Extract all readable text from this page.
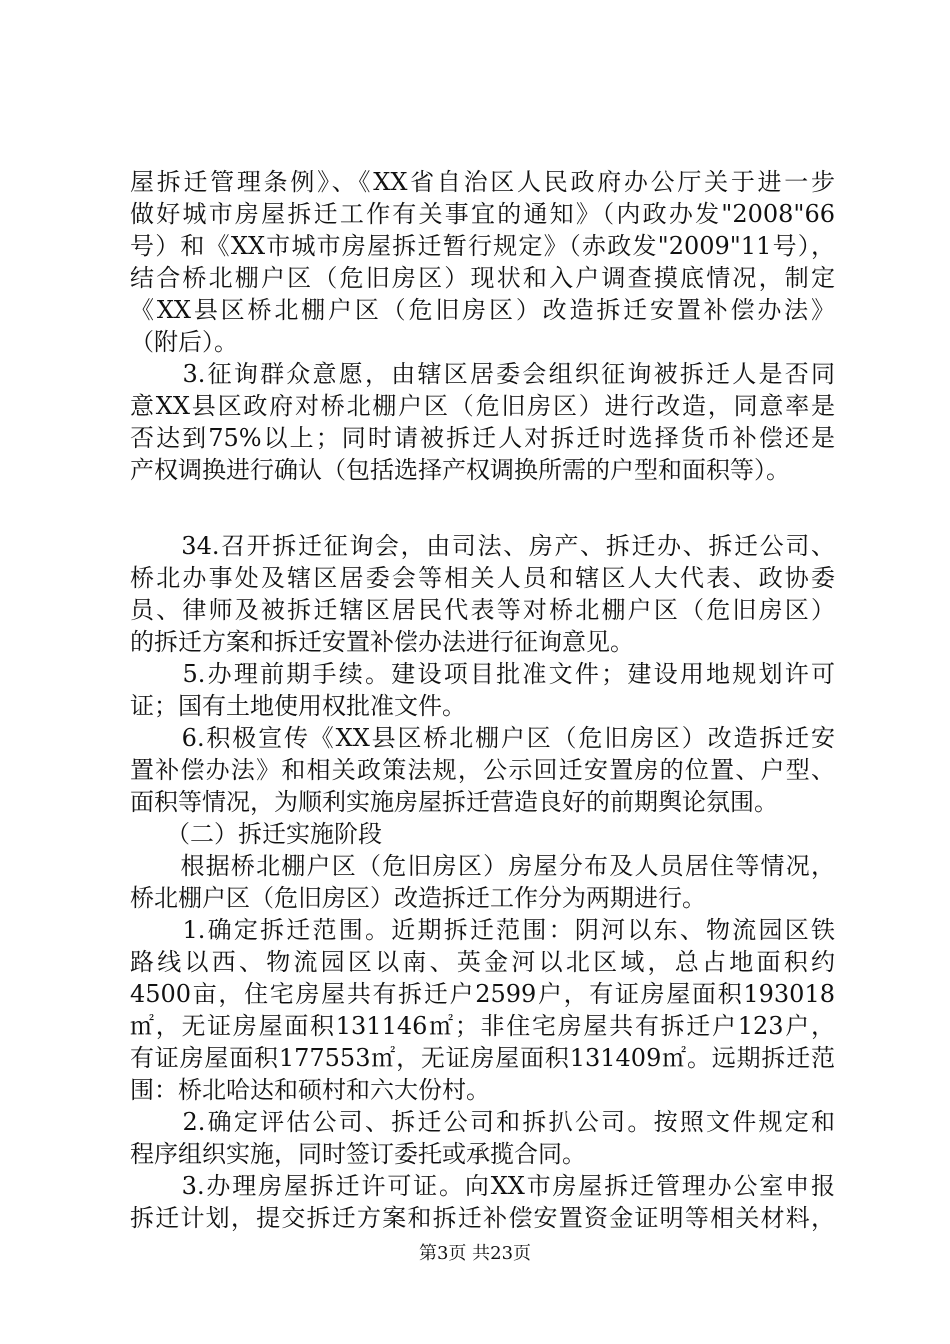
屋拆迁管理条例》、《XX省自治区人民政府办公厅关于进一步
做好城市房屋拆迁工作有关事宜的通知》（内政办发"2008"66
号）和《XX市城市房屋拆迁暂行规定》（赤政发"2009"11号），
结合桥北棚户区（危旧房区）现状和入户调查摸底情况，制定
《XX县区桥北棚户区（危旧房区）改造拆迁安置补偿办法》
（附后）。
　　3.征询群众意愿，由辖区居委会组织征询被拆迁人是否同
意XX县区政府对桥北棚户区（危旧房区）进行改造，同意率是
否达到75%以上；同时请被拆迁人对拆迁时选择货币补偿还是
产权调换进行确认（包括选择产权调换所需的户型和面积等）。
　　34.召开拆迁征询会，由司法、房产、拆迁办、拆迁公司、
桥北办事处及辖区居委会等相关人员和辖区人大代表、政协委
员、律师及被拆迁辖区居民代表等对桥北棚户区（危旧房区）
的拆迁方案和拆迁安置补偿办法进行征询意见。
　　5.办理前期手续。建设项目批准文件；建设用地规划许可
证；国有土地使用权批准文件。
　　6.积极宣传《XX县区桥北棚户区（危旧房区）改造拆迁安
置补偿办法》和相关政策法规，公示回迁安置房的位置、户型、
面积等情况，为顺利实施房屋拆迁营造良好的前期舆论氛围。
　　（二）拆迁实施阶段
　　根据桥北棚户区（危旧房区）房屋分布及人员居住等情况，
桥北棚户区（危旧房区）改造拆迁工作分为两期进行。
　　1.确定拆迁范围。近期拆迁范围：阴河以东、物流园区铁
路线以西、物流园区以南、英金河以北区域，总占地面积约
4500亩，住宅房屋共有拆迁户2599户，有证房屋面积193018
㎡，无证房屋面积131146㎡；非住宅房屋共有拆迁户123户，
有证房屋面积177553㎡，无证房屋面积131409㎡。远期拆迁范
围：桥北哈达和硕村和六大份村。
　　2.确定评估公司、拆迁公司和拆扒公司。按照文件规定和
程序组织实施，同时签订委托或承揽合同。
　　3.办理房屋拆迁许可证。向XX市房屋拆迁管理办公室申报
拆迁计划，提交拆迁方案和拆迁补偿安置资金证明等相关材料，
第3页 共23页
